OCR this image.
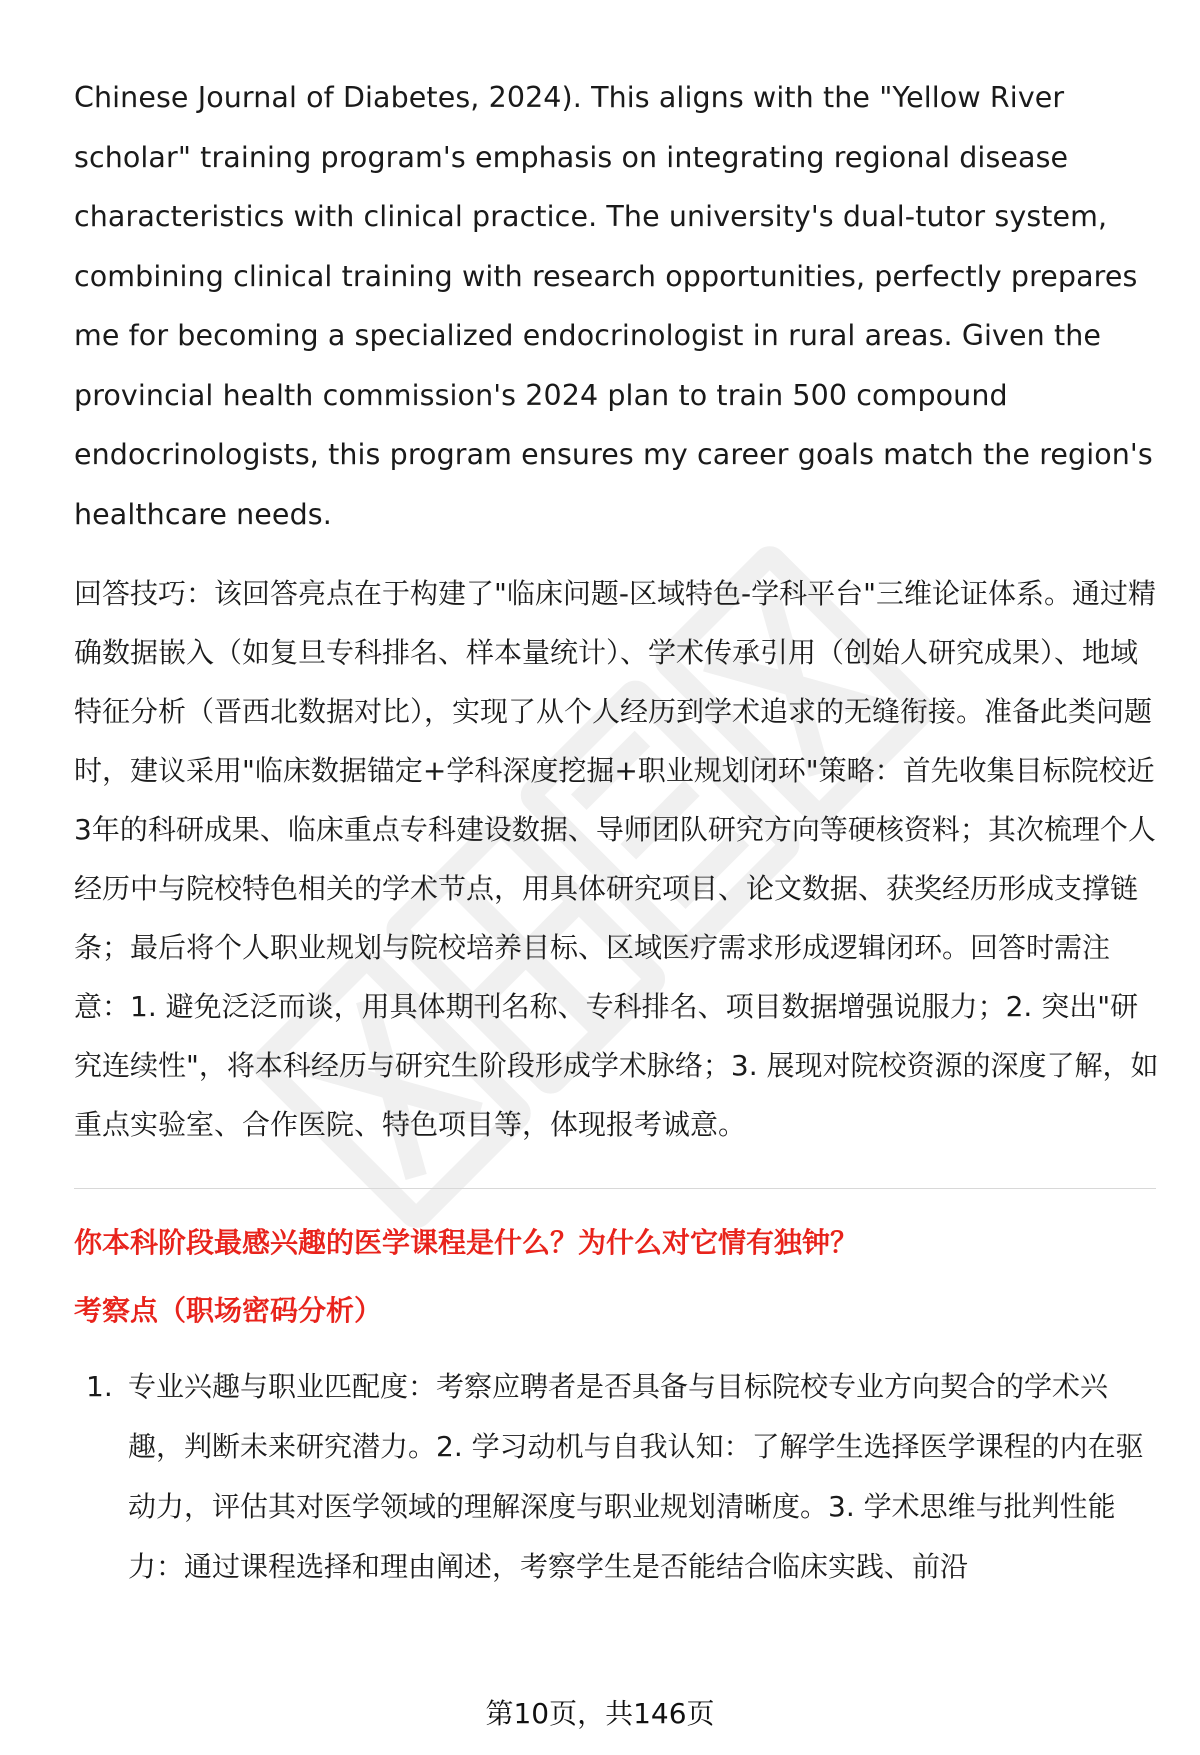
Chinese Journal of Diabetes, 2024). This aligns with the "Yellow River scholar" training program's emphasis on integrating regional disease characteristics with clinical practice. The university's dual-tutor system, combining clinical training with research opportunities, perfectly prepares me for becoming a specialized endocrinologist in rural areas. Given the provincial health commission's 2024 plan to train 500 compound endocrinologists, this program ensures my career goals match the region's healthcare needs.

回答技巧：该回答亮点在于构建了"临床问题-区域特色-学科平台"三维论证体系。通过精确数据嵌入（如复旦专科排名、样本量统计）、学术传承引用（创始人研究成果）、地域特征分析（晋西北数据对比），实现了从个人经历到学术追求的无缝衔接。准备此类问题时，建议采用"临床数据锚定+学科深度挖掘+职业规划闭环"策略：首先收集目标院校近3年的科研成果、临床重点专科建设数据、导师团队研究方向等硬核资料；其次梳理个人经历中与院校特色相关的学术节点，用具体研究项目、论文数据、获奖经历形成支撑链条；最后将个人职业规划与院校培养目标、区域医疗需求形成逻辑闭环。回答时需注意：1. 避免泛泛而谈，用具体期刊名称、专科排名、项目数据增强说服力；2. 突出"研究连续性"，将本科经历与研究生阶段形成学术脉络；3. 展现对院校资源的深度了解，如重点实验室、合作医院、特色项目等，体现报考诚意。

你本科阶段最感兴趣的医学课程是什么？为什么对它情有独钟？
考察点（职场密码分析）
1. 专业兴趣与职业匹配度：考察应聘者是否具备与目标院校专业方向契合的学术兴趣，判断未来研究潜力。2. 学习动机与自我认知：了解学生选择医学课程的内在驱动力，评估其对医学领域的理解深度与职业规划清晰度。3. 学术思维与批判性能力：通过课程选择和理由阐述，考察学生是否能结合临床实践、前沿
第10页，共146页
